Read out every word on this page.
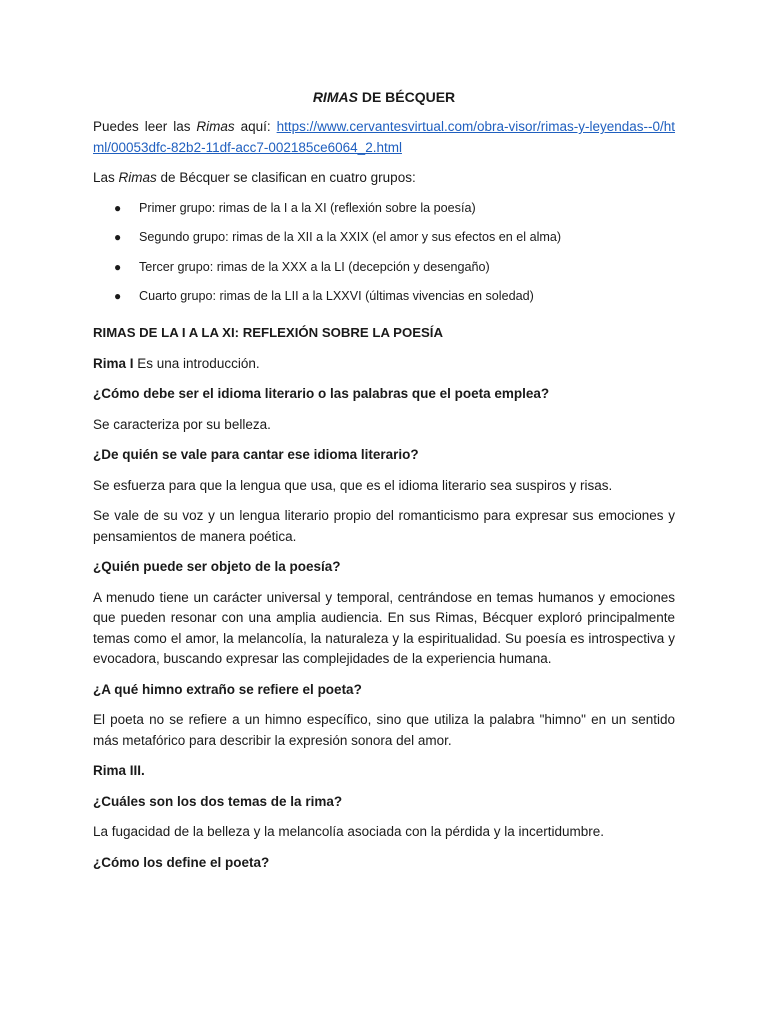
RIMAS DE BÉCQUER

Puedes leer las Rimas aquí: https://www.cervantesvirtual.com/obra-visor/rimas-y-leyendas--0/html/00053dfc-82b2-11df-acc7-002185ce6064_2.html

Las Rimas de Bécquer se clasifican en cuatro grupos:

● Primer grupo: rimas de la I a la XI (reflexión sobre la poesía)
● Segundo grupo: rimas de la XII a la XXIX (el amor y sus efectos en el alma)
● Tercer grupo: rimas de la XXX a la LI (decepción y desengaño)
● Cuarto grupo: rimas de la LII a la LXXVI (últimas vivencias en soledad)

RIMAS DE LA I A LA XI: REFLEXIÓN SOBRE LA POESÍA

Rima I Es una introducción.

¿Cómo debe ser el idioma literario o las palabras que el poeta emplea?

Se caracteriza por su belleza.

¿De quién se vale para cantar ese idioma literario?

Se esfuerza para que la lengua que usa, que es el idioma literario sea suspiros y risas.

Se vale de su voz y un lengua literario propio del romanticismo para expresar sus emociones y pensamientos de manera poética.

¿Quién puede ser objeto de la poesía?

A menudo tiene un carácter universal y temporal, centrándose en temas humanos y emociones que pueden resonar con una amplia audiencia. En sus Rimas, Bécquer exploró principalmente temas como el amor, la melancolía, la naturaleza y la espiritualidad. Su poesía es introspectiva y evocadora, buscando expresar las complejidades de la experiencia humana.

¿A qué himno extraño se refiere el poeta?

El poeta no se refiere a un himno específico, sino que utiliza la palabra "himno" en un sentido más metafórico para describir la expresión sonora del amor.

Rima III.

¿Cuáles son los dos temas de la rima?

La fugacidad de la belleza y la melancolía asociada con la pérdida y la incertidumbre.

¿Cómo los define el poeta?
